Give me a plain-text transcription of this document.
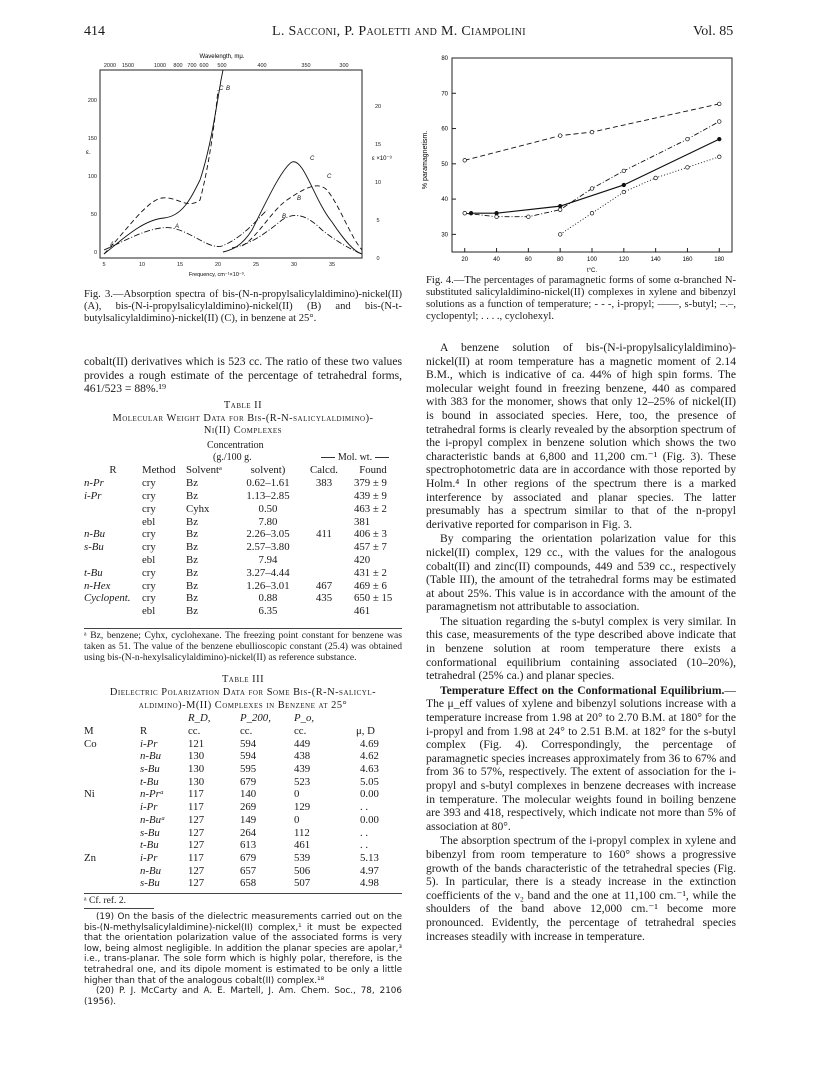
414	L. Sacconi, P. Paoletti and M. Ciampolini	Vol. 85
2000 1500	1000 800 700 600 500	400	350	300
5	10	15	20	25	30	35
200
150
100
50
0
20
15
10
5
0
Wavelength, mμ.
Frequency, cm⁻¹×10⁻³.
ε.
ε ×10⁻³
C B
A
C
B
A
C
B
Fig. 3.—Absorption spectra of bis-(N-n-propylsalicylaldimino)-nickel(II) (A), bis-(N-i-propylsalicylaldimino)-nickel(II) (B) and bis-(N-t-butylsalicylaldimino)-nickel(II) (C), in benzene at 25°.

cobalt(II) derivatives which is 523 cc. The ratio of these two values provides a rough estimate of the percentage of tetrahedral forms, 461/523 = 88%.¹⁹

Table II
Molecular Weight Data for Bis-(R-N-salicylaldimino)-
Ni(II) Complexes
Concentration
(g./100 g.	Mol. wt.
R	Method	Solventᵃ	solvent)	Calcd.	Found
n-Pr	cry	Bz	0.62–1.61	383	379 ± 9
i-Pr	cry	Bz	1.13–2.85		439 ± 9
	cry	Cyhx	0.50		463 ± 2
	ebl	Bz	7.80		381
n-Bu	cry	Bz	2.26–3.05	411	406 ± 3
s-Bu	cry	Bz	2.57–3.80		457 ± 7
	ebl	Bz	7.94		420
t-Bu	cry	Bz	3.27–4.44		431 ± 2
n-Hex	cry	Bz	1.26–3.01	467	469 ± 6
Cyclopent.	cry	Bz	0.88	435	650 ± 15
	ebl	Bz	6.35		461
ᵃ Bz, benzene; Cyhx, cyclohexane. The freezing point constant for benzene was taken as 51. The value of the benzene ebullioscopic constant (25.4) was obtained using bis-(N-n-hexylsalicylaldimino)-nickel(II) as reference substance.
Table III
Dielectric Polarization Data for Some Bis-(R-N-salicyl-
aldimino)-M(II) Complexes in Benzene at 25°
		R_D,	P_200,	P_o,	
M	R	cc.	cc.	cc.	μ, D
Co	i-Pr	121	594	449	4.69
	n-Bu	130	594	438	4.62
	s-Bu	130	595	439	4.63
	t-Bu	130	679	523	5.05
Ni	n-Prᵃ	117	140	0	0.00
	i-Pr	117	269	129	. .
	n-Buᵃ	127	149	0	0.00
	s-Bu	127	264	112	. .
	t-Bu	127	613	461	. .
Zn	i-Pr	117	679	539	5.13
	n-Bu	127	657	506	4.97
	s-Bu	127	658	507	4.98
ᵃ Cf. ref. 2.
(19) On the basis of the dielectric measurements carried out on the bis-(N-methylsalicylaldimine)-nickel(II) complex,¹ it must be expected that the orientation polarization value of the associated forms is very low, being almost negligible. In addition the planar species are apolar,³ i.e., trans-planar. The sole form which is highly polar, therefore, is the tetrahedral one, and its dipole moment is estimated to be only a little higher than that of the analogous cobalt(II) complex.¹⁸
(20) P. J. McCarty and A. E. Martell, J. Am. Chem. Soc., 78, 2106 (1956).
80
70
60
50
40
30
20	40	60	80	100	120	140	160	180
% paramagnetism.
t°C.
Fig. 4.—The percentages of paramagnetic forms of some α-branched N-substituted salicylaldimino-nickel(II) complexes in xylene and bibenzyl solutions as a function of temperature; - - -, i-propyl; ——, s-butyl; –.–, cyclopentyl; . . . ., cyclohexyl.

A benzene solution of bis-(N-i-propylsalicylaldimino)-nickel(II) at room temperature has a magnetic moment of 2.14 B.M., which is indicative of ca. 44% of high spin forms. The molecular weight found in freezing benzene, 440 as compared with 383 for the monomer, shows that only 12–25% of nickel(II) is bound in associated species. Here, too, the presence of tetrahedral forms is clearly revealed by the absorption spectrum of the i-propyl complex in benzene solution which shows the two characteristic bands at 6,800 and 11,200 cm.⁻¹ (Fig. 3). These spectrophotometric data are in accordance with those reported by Holm.⁴ In other regions of the spectrum there is a marked interference by associated and planar species. The latter presumably has a spectrum similar to that of the n-propyl derivative reported for comparison in Fig. 3.

By comparing the orientation polarization value for this nickel(II) complex, 129 cc., with the values for the analogous cobalt(II) and zinc(II) compounds, 449 and 539 cc., respectively (Table III), the amount of the tetrahedral forms may be estimated at about 25%. This value is in accordance with the amount of the paramagnetism not attributable to association.

The situation regarding the s-butyl complex is very similar. In this case, measurements of the type described above indicate that in benzene solution at room temperature there exists a conformational equilibrium containing associated (10–20%), tetrahedral (25% ca.) and planar species.

Temperature Effect on the Conformational Equilibrium.—The μ_eff values of xylene and bibenzyl solutions increase with a temperature increase from 1.98 at 20° to 2.70 B.M. at 180° for the i-propyl and from 1.98 at 24° to 2.51 B.M. at 182° for the s-butyl complex (Fig. 4). Correspondingly, the percentage of paramagnetic species increases approximately from 36 to 67% and from 36 to 57%, respectively. The extent of association for the i-propyl and s-butyl complexes in benzene decreases with increase in temperature. The molecular weights found in boiling benzene are 393 and 418, respectively, which indicate not more than 5% of association at 80°.

The absorption spectrum of the i-propyl complex in xylene and bibenzyl from room temperature to 160° shows a progressive growth of the bands characteristic of the tetrahedral species (Fig. 5). In particular, there is a steady increase in the extinction coefficients of the ν₂ band and the one at 11,100 cm.⁻¹, while the shoulders of the band above 12,000 cm.⁻¹ become more pronounced. Evidently, the percentage of tetrahedral species increases steadily with increase in temperature.
